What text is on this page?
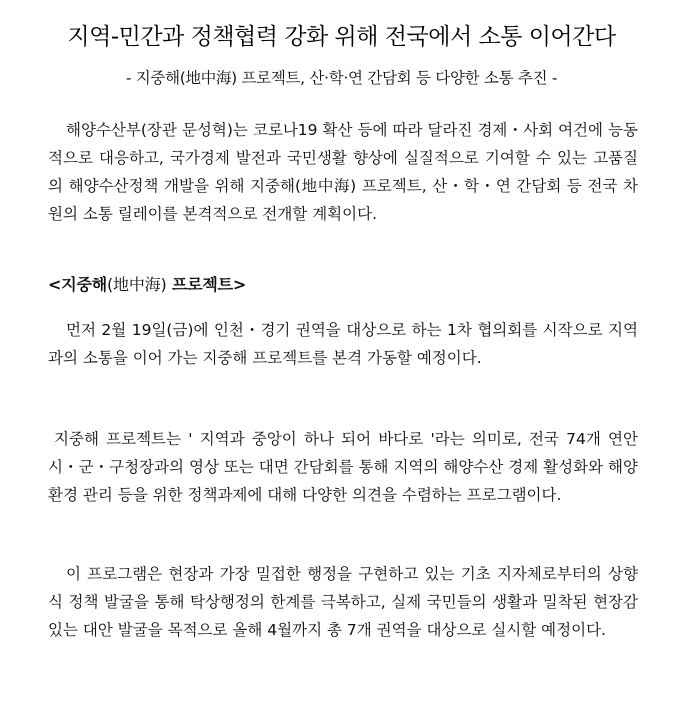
지역-민간과 정책협력 강화 위해 전국에서 소통 이어간다
- 지중해(地中海) 프로젝트, 산·학·연 간담회 등 다양한 소통 추진 -

해양수산부(장관 문성혁)는 코로나19 확산 등에 따라 달라진 경제・사회 여건에 능동적으로 대응하고, 국가경제 발전과 국민생활 향상에 실질적으로 기여할 수 있는 고품질의 해양수산정책 개발을 위해 지중해(地中海) 프로젝트, 산・학・연 간담회 등 전국 차원의 소통 릴레이를 본격적으로 전개할 계획이다.

<지중해(地中海) 프로젝트>

먼저 2월 19일(금)에 인천・경기 권역을 대상으로 하는 1차 협의회를 시작으로 지역과의 소통을 이어 가는 지중해 프로젝트를 본격 가동할 예정이다.

지중해 프로젝트는 ' 지역과 중앙이 하나 되어 바다로 '라는 의미로, 전국 74개 연안 시・군・구청장과의 영상 또는 대면 간담회를 통해 지역의 해양수산 경제 활성화와 해양환경 관리 등을 위한 정책과제에 대해 다양한 의견을 수렴하는 프로그램이다.

이 프로그램은 현장과 가장 밀접한 행정을 구현하고 있는 기초 지자체로부터의 상향식 정책 발굴을 통해 탁상행정의 한계를 극복하고, 실제 국민들의 생활과 밀착된 현장감 있는 대안 발굴을 목적으로 올해 4월까지 총 7개 권역을 대상으로 실시할 예정이다.
